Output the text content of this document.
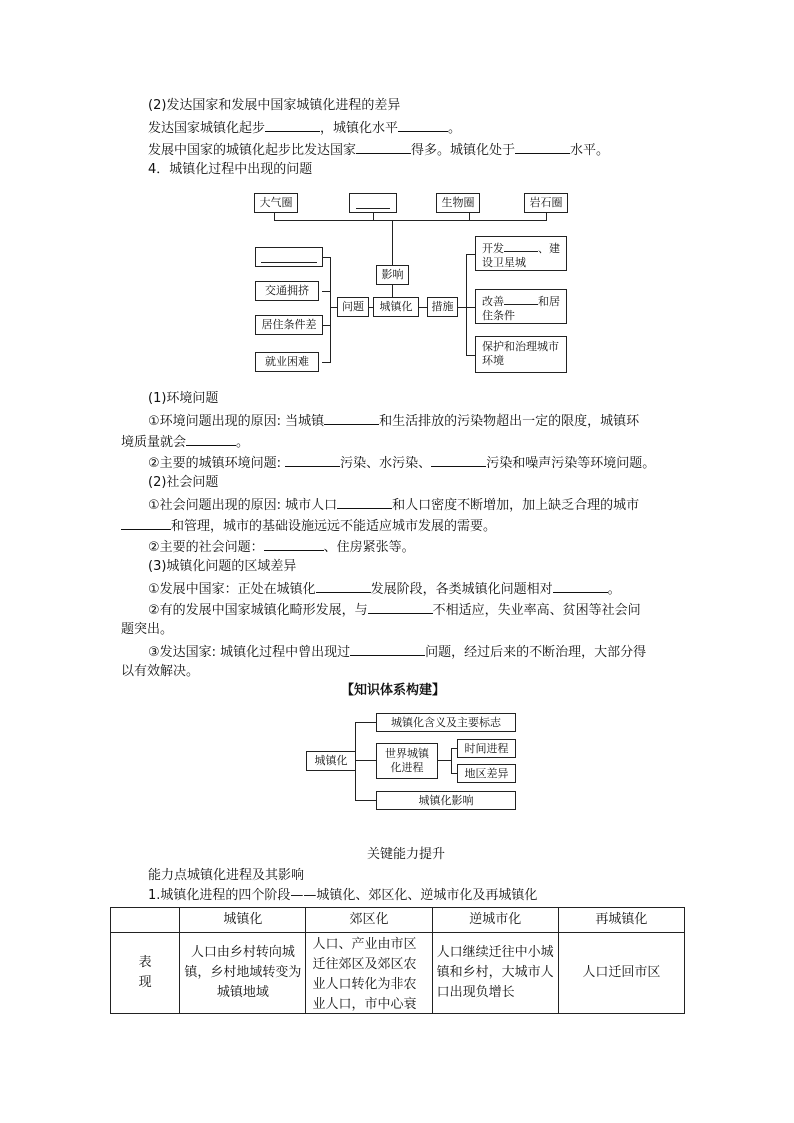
(2)发达国家和发展中国家城镇化进程的差异
发达国家城镇化起步	，城镇化水平	。
发展中国家的城镇化起步比发达国家	得多。城镇化处于	水平。
4．城镇化过程中出现的问题
大气圈	生物圈	岩石圈
影响
城镇化
问题	措施
交通拥挤
居住条件差
就业困难
开发	、建
设卫星城
改善	和居
住条件
保护和治理城市环境
(1)环境问题
①环境问题出现的原因: 当城镇	和生活排放的污染物超出一定的限度，城镇环
境质量就会	。
②主要的城镇环境问题:	污染、水污染、	污染和噪声污染等环境问题。
(2)社会问题
①社会问题出现的原因: 城市人口	和人口密度不断增加，加上缺乏合理的城市
和管理，城市的基础设施远远不能适应城市发展的需要。
②主要的社会问题：	、住房紧张等。
(3)城镇化问题的区域差异
①发展中国家：正处在城镇化	发展阶段，各类城镇化问题相对	。
②有的发展中国家城镇化畸形发展，与	不相适应，失业率高、贫困等社会问
题突出。
③发达国家: 城镇化过程中曾出现过	问题，经过后来的不断治理，大部分得
以有效解决。
【知识体系构建】
城镇化
城镇化含义及主要标志
世界城镇化进程
时间进程
地区差异
城镇化影响
关键能力提升
能力点城镇化进程及其影响
1.城镇化进程的四个阶段——城镇化、郊区化、逆城市化及再城镇化
	城镇化	郊区化	逆城市化	再城镇化

表现	人口由乡村转向城镇，乡村地域转变为城镇地域	人口、产业由市区迁往郊区及郊区农业人口转化为非农业人口，市中心衰	人口继续迁往中小城镇和乡村，大城市人口出现负增长	人口迁回市区
